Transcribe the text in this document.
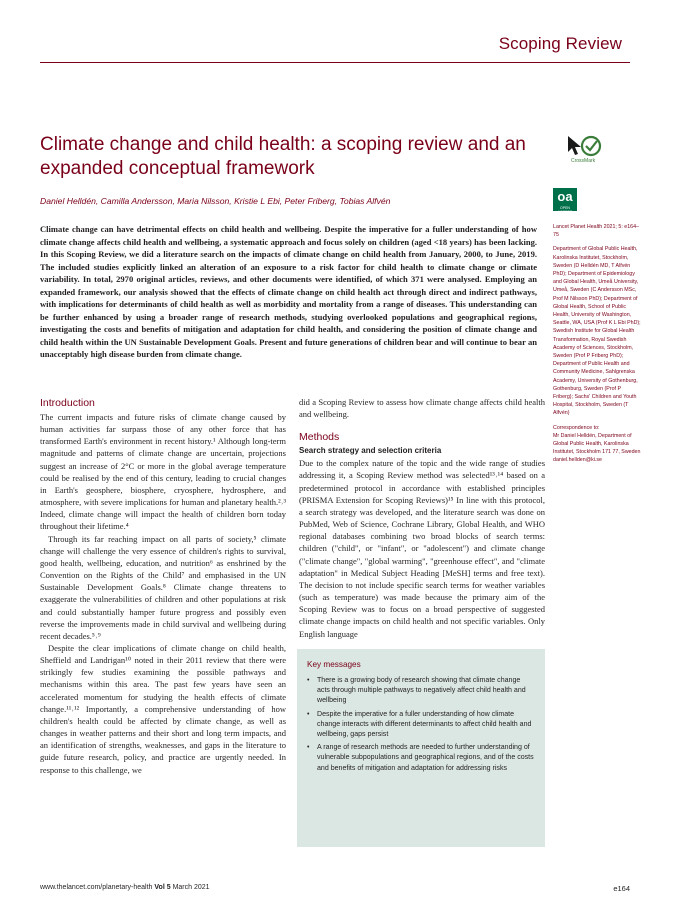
Scoping Review
Climate change and child health: a scoping review and an expanded conceptual framework
Daniel Helldén, Camilla Andersson, Maria Nilsson, Kristie L Ebi, Peter Friberg, Tobias Alfvén
CrossMark
oa
OPEN ACCESS

Climate change can have detrimental effects on child health and wellbeing. Despite the imperative for a fuller understanding of how climate change affects child health and wellbeing, a systematic approach and focus solely on children (aged <18 years) has been lacking. In this Scoping Review, we did a literature search on the impacts of climate change on child health from January, 2000, to June, 2019. The included studies explicitly linked an alteration of an exposure to a risk factor for child health to climate change or climate variability. In total, 2970 original articles, reviews, and other documents were identified, of which 371 were analysed. Employing an expanded framework, our analysis showed that the effects of climate change on child health act through direct and indirect pathways, with implications for determinants of child health as well as morbidity and mortality from a range of diseases. This understanding can be further enhanced by using a broader range of research methods, studying overlooked populations and geographical regions, investigating the costs and benefits of mitigation and adaptation for child health, and considering the position of climate change and child health within the UN Sustainable Development Goals. Present and future generations of children bear and will continue to bear an unacceptably high disease burden from climate change.

Lancet Planet Health 2021; 5: e164–75
Department of Global Public Health, Karolinska Institutet, Stockholm, Sweden (D Helldén MD, T Alfvén PhD); Department of Epidemiology and Global Health, Umeå University, Umeå, Sweden (C Andersson MSc, Prof M Nilsson PhD); Department of Global Health, School of Public Health, University of Washington, Seattle, WA, USA (Prof K L Ebi PhD); Swedish Institute for Global Health Transformation, Royal Swedish Academy of Sciences, Stockholm, Sweden (Prof P Friberg PhD); Department of Public Health and Community Medicine, Sahlgrenska Academy, University of Gothenburg, Gothenburg, Sweden (Prof P Friberg); Sachs' Children and Youth Hospital, Stockholm, Sweden (T Alfvén)
Correspondence to:
Mr Daniel Helldén, Department of Global Public Health, Karolinska Institutet, Stockholm 171 77, Sweden
daniel.hellden@ki.se
Introduction

The current impacts and future risks of climate change caused by human activities far surpass those of any other force that has transformed Earth's environment in recent history.¹ Although long-term magnitude and patterns of climate change are uncertain, projections suggest an increase of 2°C or more in the global average temperature could be realised by the end of this century, leading to crucial changes in Earth's geosphere, biosphere, cryosphere, hydrosphere, and atmosphere, with severe implications for human and planetary health.²˒³ Indeed, climate change will impact the health of children born today throughout their lifetime.⁴

Through its far reaching impact on all parts of society,⁵ climate change will challenge the very essence of children's rights to survival, good health, wellbeing, education, and nutrition⁶ as enshrined by the Convention on the Rights of the Child⁷ and emphasised in the UN Sustainable Development Goals.⁸ Climate change threatens to exaggerate the vulnerabilities of children and other populations at risk and could substantially hamper future progress and possibly even reverse the improvements made in child survival and wellbeing during recent decades.⁵˒⁹

Despite the clear implications of climate change on child health, Sheffield and Landrigan¹⁰ noted in their 2011 review that there were strikingly few studies examining the possible pathways and mechanisms within this area. The past few years have seen an accelerated momentum for studying the health effects of climate change.¹¹˒¹² Importantly, a comprehensive understanding of how children's health could be affected by climate change, as well as changes in weather patterns and their short and long term impacts, and an identification of strengths, weaknesses, and gaps in the literature to guide future research, policy, and practice are urgently needed. In response to this challenge, we

did a Scoping Review to assess how climate change affects child health and wellbeing.

Methods
Search strategy and selection criteria

Due to the complex nature of the topic and the wide range of studies addressing it, a Scoping Review method was selected¹³˒¹⁴ based on a predetermined protocol in accordance with established principles (PRISMA Extension for Scoping Reviews)¹⁵ In line with this protocol, a search strategy was developed, and the literature search was done on PubMed, Web of Science, Cochrane Library, Global Health, and WHO regional databases combining two broad blocks of search terms: children ("child", or "infant", or "adolescent") and climate change ("climate change", "global warming", "greenhouse effect", and "climate adaptation" in Medical Subject Heading [MeSH] terms and free text). The decision to not include specific search terms for weather variables (such as temperature) was made because the primary aim of the Scoping Review was to focus on a broad perspective of suggested climate change impacts on child health and not specific variables. Only English language

Key messages
• There is a growing body of research showing that climate change acts through multiple pathways to negatively affect child health and wellbeing
• Despite the imperative for a fuller understanding of how climate change interacts with different determinants to affect child health and wellbeing, gaps persist
• A range of research methods are needed to further understanding of vulnerable subpopulations and geographical regions, and of the costs and benefits of mitigation and adaptation for addressing risks
www.thelancet.com/planetary-health Vol 5 March 2021	e164
